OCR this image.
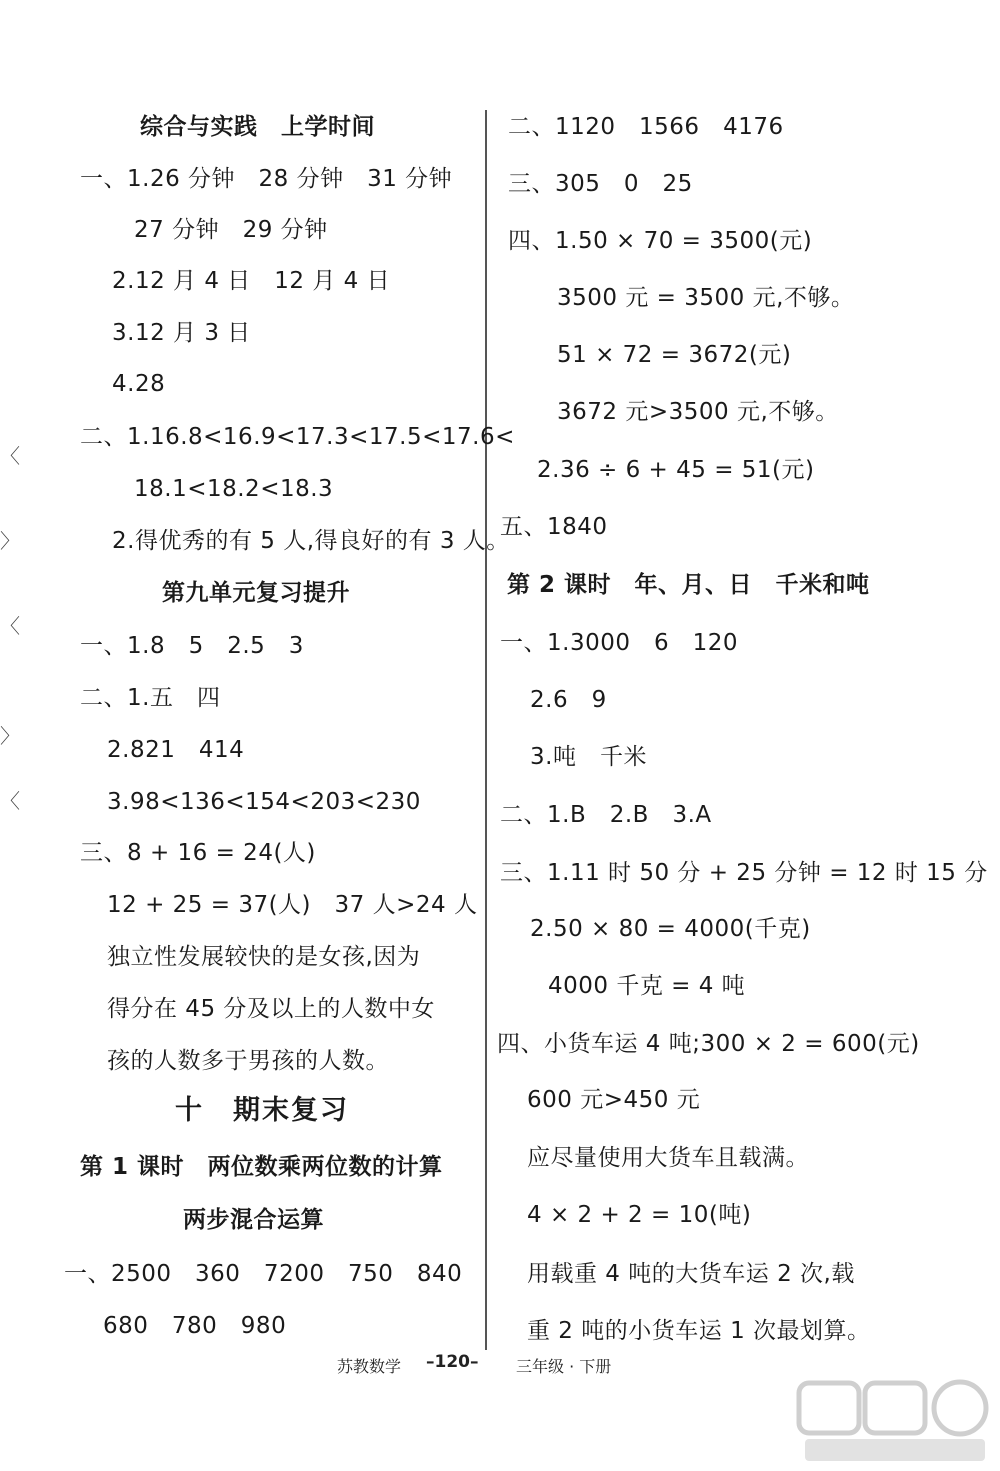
〈
〉
〈
〉
〈
综合与实践　上学时间
一、1.26 分钟　28 分钟　31 分钟
27 分钟　29 分钟
2.12 月 4 日　12 月 4 日
3.12 月 3 日
4.28
二、1.16.8<16.9<17.3<17.5<17.6<
18.1<18.2<18.3
2.得优秀的有 5 人,得良好的有 3 人。
第九单元复习提升
一、1.8　5　2.5　3
二、1.五　四
2.821　414
3.98<136<154<203<230
三、8 + 16 = 24(人)
12 + 25 = 37(人)　37 人>24 人
独立性发展较快的是女孩,因为
得分在 45 分及以上的人数中女
孩的人数多于男孩的人数。
十　期末复习
第 1 课时　两位数乘两位数的计算
两步混合运算
一、2500　360　7200　750　840
680　780　980
二、1120　1566　4176
三、305　0　25
四、1.50 × 70 = 3500(元)
3500 元 = 3500 元,不够。
51 × 72 = 3672(元)
3672 元>3500 元,不够。
2.36 ÷ 6 + 45 = 51(元)
五、1840
第 2 课时　年、月、日　千米和吨
一、1.3000　6　120
2.6　9
3.吨　千米
二、1.B　2.B　3.A
三、1.11 时 50 分 + 25 分钟 = 12 时 15 分
2.50 × 80 = 4000(千克)
4000 千克 = 4 吨
四、小货车运 4 吨;300 × 2 = 600(元)
600 元>450 元
应尽量使用大货车且载满。
4 × 2 + 2 = 10(吨)
用载重 4 吨的大货车运 2 次,载
重 2 吨的小货车运 1 次最划算。
苏教数学 –120– 三年级 · 下册
